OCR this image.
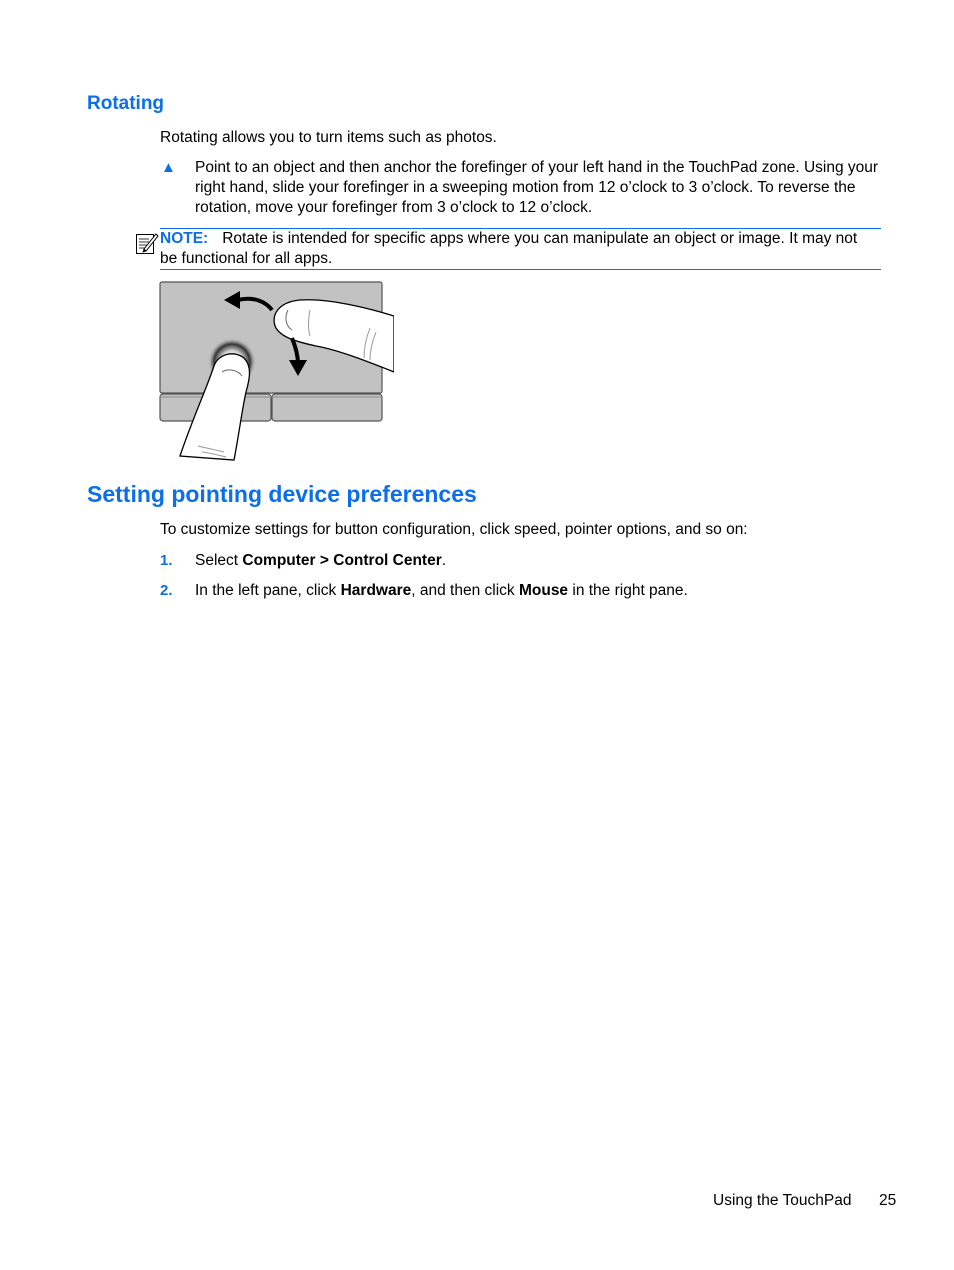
Rotating
Rotating allows you to turn items such as photos.
▲ Point to an object and then anchor the forefinger of your left hand in the TouchPad zone. Using your right hand, slide your forefinger in a sweeping motion from 12 o’clock to 3 o’clock. To reverse the rotation, move your forefinger from 3 o’clock to 12 o’clock.
NOTE: Rotate is intended for specific apps where you can manipulate an object or image. It may not be functional for all apps.
Setting pointing device preferences
To customize settings for button configuration, click speed, pointer options, and so on:
1. Select Computer > Control Center.
2. In the left pane, click Hardware, and then click Mouse in the right pane.
Using the TouchPad 25
